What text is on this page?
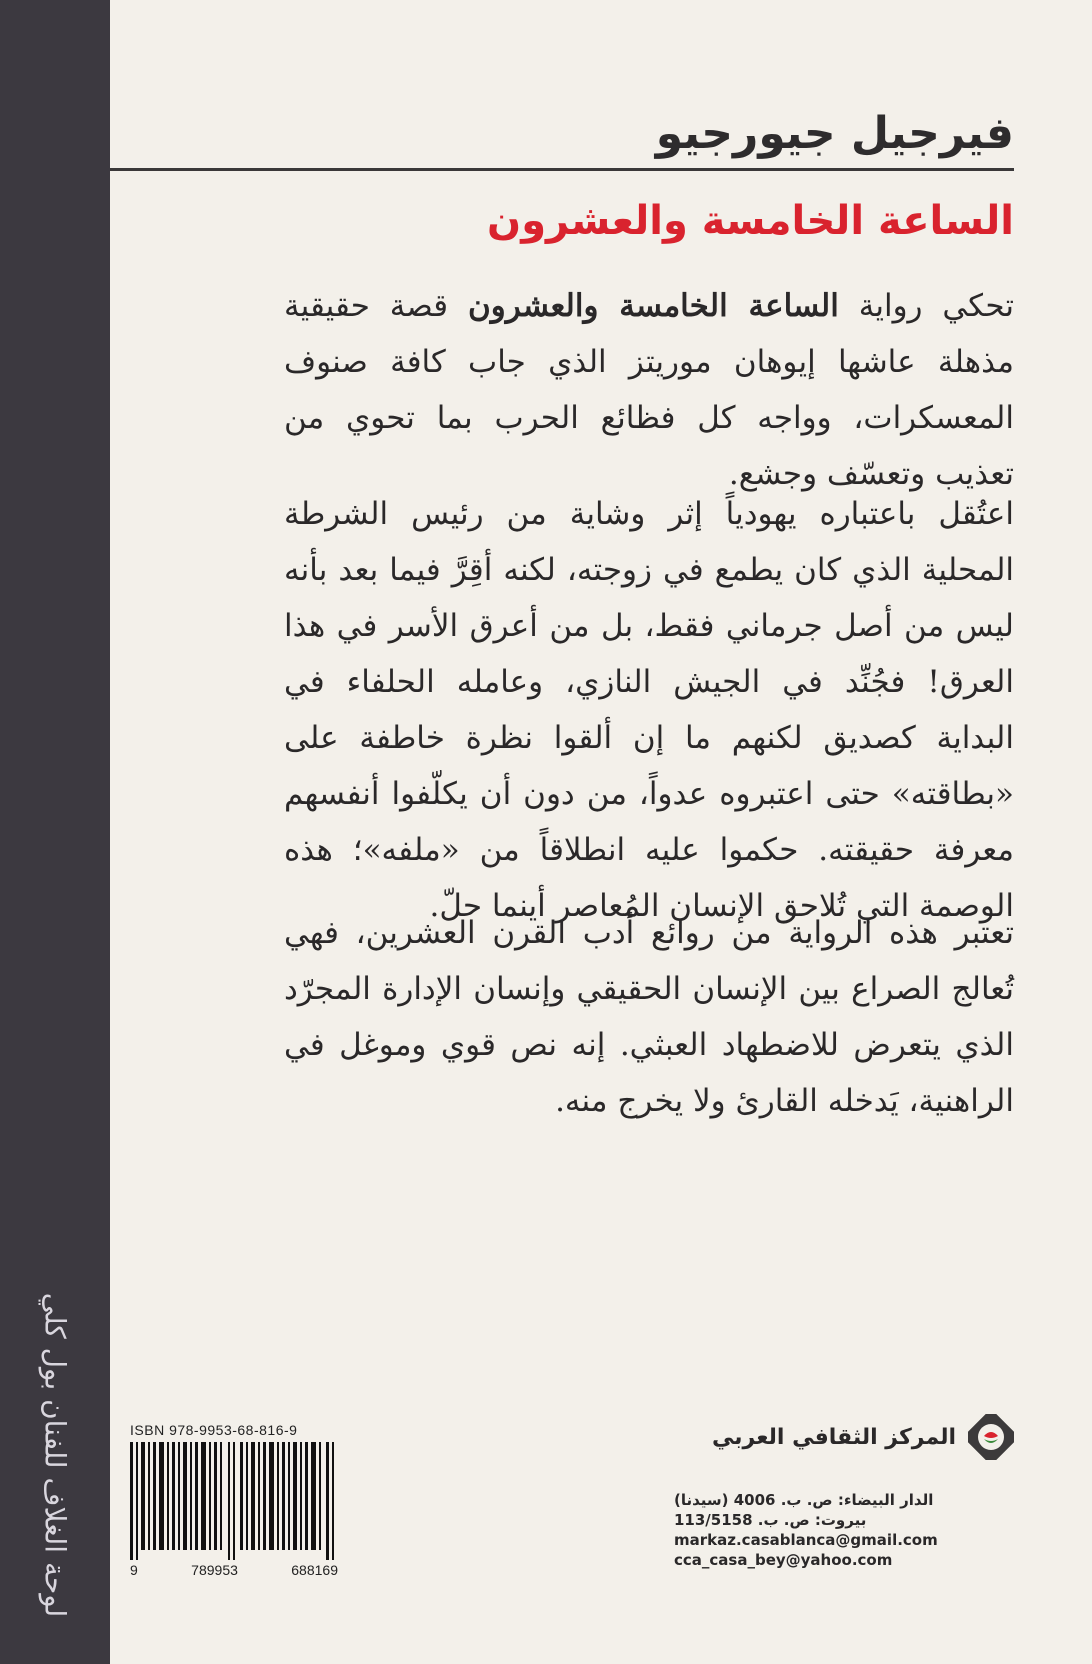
لوحة الغلاف للفنان بول كلي
فيرجيل جيورجيو
الساعة الخامسة والعشرون
تحكي رواية الساعة الخامسة والعشرون قصة حقيقية مذهلة عاشها إيوهان موريتز الذي جاب كافة صنوف المعسكرات، وواجه كل فظائع الحرب بما تحوي من تعذيب وتعسّف وجشع.
اعتُقل باعتباره يهودياً إثر وشاية من رئيس الشرطة المحلية الذي كان يطمع في زوجته، لكنه أقِرَّ فيما بعد بأنه ليس من أصل جرماني فقط، بل من أعرق الأسر في هذا العرق! فجُنِّد في الجيش النازي، وعامله الحلفاء في البداية كصديق لكنهم ما إن ألقوا نظرة خاطفة على «بطاقته» حتى اعتبروه عدواً، من دون أن يكلّفوا أنفسهم معرفة حقيقته. حكموا عليه انطلاقاً من «ملفه»؛ هذه الوصمة التي تُلاحق الإنسان المُعاصر أينما حلّ.
تعتبر هذه الرواية من روائع أدب القرن العشرين، فهي تُعالج الصراع بين الإنسان الحقيقي وإنسان الإدارة المجرّد الذي يتعرض للاضطهاد العبثي. إنه نص قوي وموغل في الراهنية، يَدخله القارئ ولا يخرج منه.
ISBN 978-9953-68-816-9
9	789953	688169
المركز الثقافي العربي
الدار البيضاء: ص. ب. 4006 (سيدنا)
بيروت: ص. ب. 113/5158
markaz.casablanca@gmail.com
cca_casa_bey@yahoo.com
